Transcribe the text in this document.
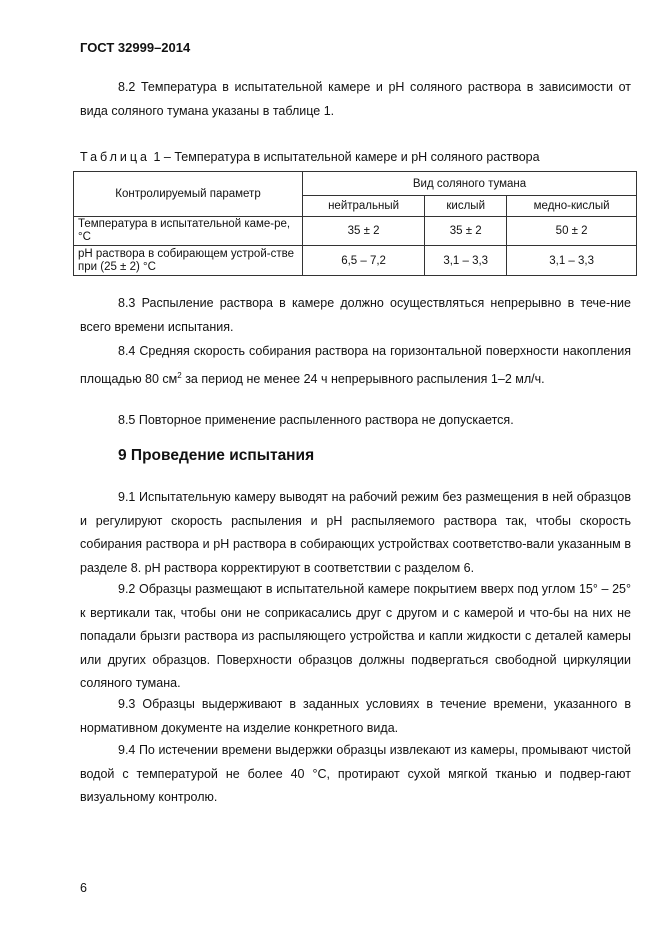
ГОСТ 32999–2014

8.2 Температура в испытательной камере и pH соляного раствора в зависимости от вида соляного тумана указаны в таблице 1.

Таблица 1 – Температура в испытательной камере и pH соляного раствора
Контролируемый параметр	Вид соляного тумана		
	нейтральный	кислый	медно-кислый
Температура в испытательной каме-ре, °С	35 ± 2	35 ± 2	50 ± 2
pH раствора в собирающем устрой-стве при (25 ± 2) °С	6,5 – 7,2	3,1 – 3,3	3,1 – 3,3

8.3 Распыление раствора в камере должно осуществляться непрерывно в тече-ние всего времени испытания.

8.4 Средняя скорость собирания раствора на горизонтальной поверхности накопления площадью 80 $см^2$ за период не менее 24 ч непрерывного распыления 1–2 мл/ч.

8.5 Повторное применение распыленного раствора не допускается.

9 Проведение испытания

9.1 Испытательную камеру выводят на рабочий режим без размещения в ней образцов и регулируют скорость распыления и pH распыляемого раствора так, чтобы скорость собирания раствора и pH раствора в собирающих устройствах соответство-вали указанным в разделе 8. pH раствора корректируют в соответствии с разделом 6.

9.2 Образцы размещают в испытательной камере покрытием вверх под углом 15° – 25° к вертикали так, чтобы они не соприкасались друг с другом и с камерой и что-бы на них не попадали брызги раствора из распыляющего устройства и капли жидкости с деталей камеры или других образцов. Поверхности образцов должны подвергаться свободной циркуляции соляного тумана.

9.3 Образцы выдерживают в заданных условиях в течение времени, указанного в нормативном документе на изделие конкретного вида.

9.4 По истечении времени выдержки образцы извлекают из камеры, промывают чистой водой с температурой не более 40 °С, протирают сухой мягкой тканью и подвер-гают визуальному контролю.

6
